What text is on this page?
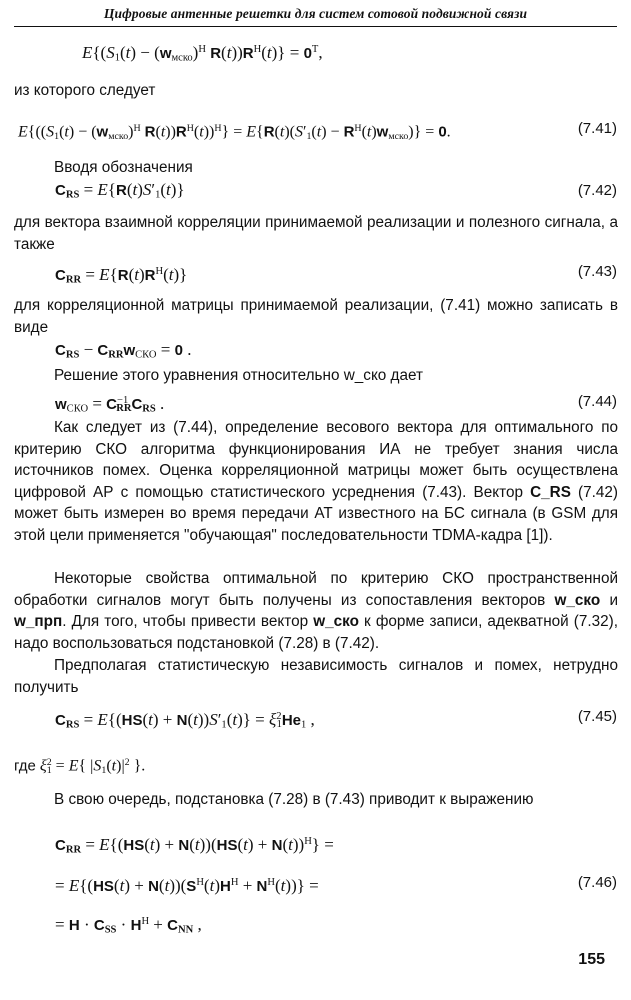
Цифровые антенные решетки для систем сотовой подвижной связи
$E\{(S_1(t) - (w_{мско})^H$ $R(t))R^H(t)\} = 0^T$,
из которого следует
$E\{((S_1(t) - (w_{мско})^H$ $R(t))R^H(t))^H\} = E\{R(t)(S'_1(t) - R^H(t)w_{мско})\} = 0$.	(7.41)
Вводя обозначения
$C_{RS} = E\{R(t)S'_1(t)\}$	(7.42)
для вектора взаимной корреляции принимаемой реализации и полезного сигнала, а также
$C_{RR} = E\{R(t)R^H(t)\}$	(7.43)
для корреляционной матрицы принимаемой реализации, (7.41) можно записать в виде
$C_{RS} - C_{RR}w_{СКО} = 0$ .
Решение этого уравнения относительно w_ско дает
$w_{СКО} = C^{-1}_{RR}C_{RS}$ .	(7.44)
Как следует из (7.44), определение весового вектора для оптимального по критерию СКО алгоритма функционирования ИА не требует знания числа источников помех. Оценка корреляционной матрицы может быть осуществлена цифровой АР с помощью статистического усреднения (7.43). Вектор C_RS (7.42) может быть измерен во время передачи АТ известного на БС сигнала (в GSM для этой цели применяется "обучающая" последовательности TDMA-кадра [1]).
Некоторые свойства оптимальной по критерию СКО пространственной обработки сигналов могут быть получены из сопоставления векторов w_ско и w_прп. Для того, чтобы привести вектор w_ско к форме записи, адекватной (7.32), надо воспользоваться подстановкой (7.28) в (7.42).
Предполагая статистическую независимость сигналов и помех, нетрудно получить
$C_{RS} = E\{(HS(t) + N(t))S'_1(t)\} = \xi^2_1He_1$ ,	(7.45)
где $\xi^2_1 = E${ $|S_1(t)|^2$ }.
В свою очередь, подстановка (7.28) в (7.43) приводит к выражению
$C_{RR} = E\{(HS(t) + N(t))(HS(t) + N(t))^H\}$ =
= $E\{(HS(t) + N(t))(S^H(t)H^H + N^H(t))\}$ =	(7.46)
= $H \cdot C_{SS} \cdot H^H + C_{NN}$ ,
155
